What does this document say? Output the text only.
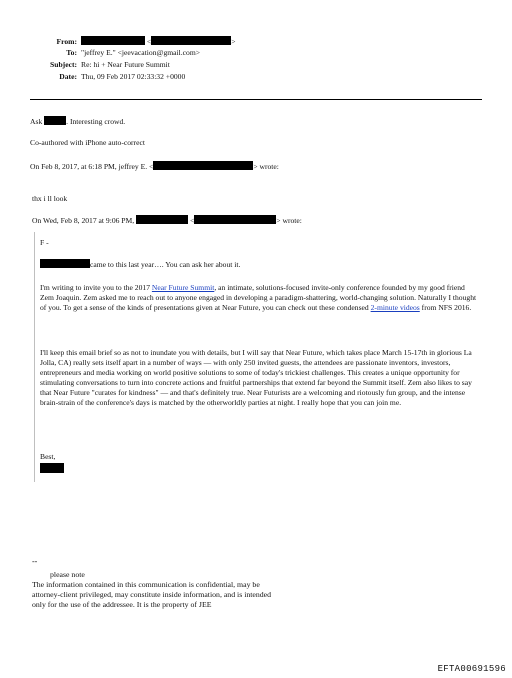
From:	<	>
To: "jeffrey E." <jeevacation@gmail.com>
Subject: Re: hi + Near Future Summit
Date: Thu, 09 Feb 2017 02:33:32 +0000
Ask	. Interesting crowd.
Co-authored with iPhone auto-correct
On Feb 8, 2017, at 6:18 PM, jeffrey E. <	> wrote:
thx i ll look
On Wed, Feb 8, 2017 at 9:06 PM,	<	> wrote:
F -
came to this last year…. You can ask her about it.
I'm writing to invite you to the 2017 Near Future Summit, an intimate, solutions-focused invite-only conference founded by my good friend Zem Joaquin. Zem asked me to reach out to anyone engaged in developing a paradigm-shattering, world-changing solution. Naturally I thought of you. To get a sense of the kinds of presentations given at Near Future, you can check out these condensed 2-minute videos from NFS 2016.
I'll keep this email brief so as not to inundate you with details, but I will say that Near Future, which takes place March 15-17th in glorious La Jolla, CA) really sets itself apart in a number of ways — with only 250 invited guests, the attendees are passionate inventors, investors, entrepreneurs and media working on world positive solutions to some of today's trickiest challenges. This creates a unique opportunity for stimulating conversations to turn into concrete actions and fruitful partnerships that extend far beyond the Summit itself. Zem also likes to say that Near Future "curates for kindness" — and that's definitely true. Near Futurists are a welcoming and riotously fun group, and the intense brain-strain of the conference's days is matched by the otherworldly parties at night. I really hope that you can join me.
Best,
--
please note
The information contained in this communication is confidential, may be attorney-client privileged, may constitute inside information, and is intended only for the use of the addressee. It is the property of JEE
EFTA00691596
